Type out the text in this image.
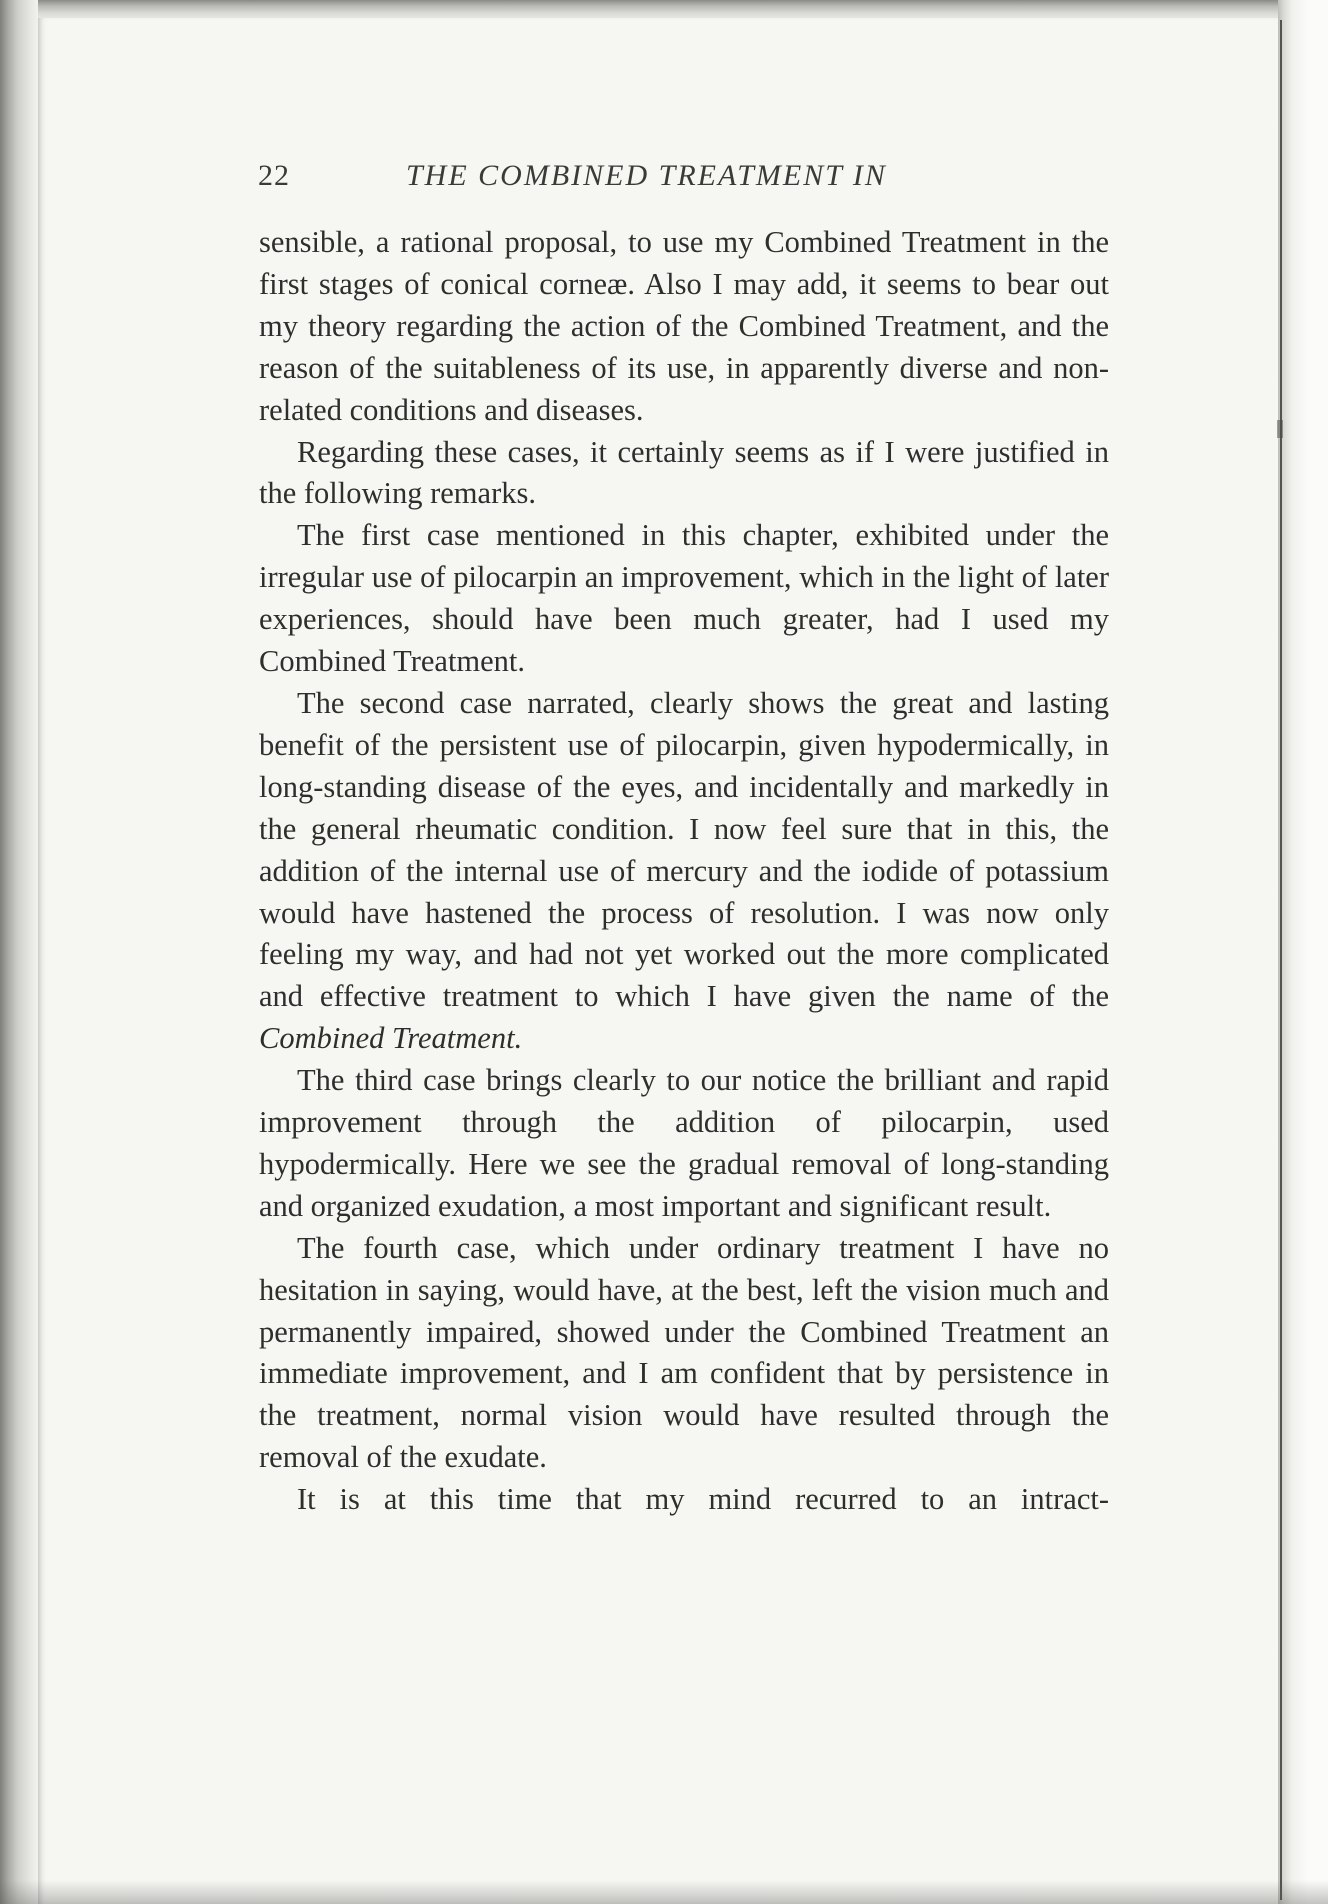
22	THE COMBINED TREATMENT IN

sensible, a rational proposal, to use my Combined Treatment in the first stages of conical corneæ. Also I may add, it seems to bear out my theory regarding the action of the Combined Treatment, and the reason of the suitableness of its use, in apparently diverse and non-related conditions and diseases.

Regarding these cases, it certainly seems as if I were justified in the following remarks.

The first case mentioned in this chapter, exhibited under the irregular use of pilocarpin an improvement, which in the light of later experiences, should have been much greater, had I used my Combined Treatment.

The second case narrated, clearly shows the great and lasting benefit of the persistent use of pilocarpin, given hypodermically, in long-standing disease of the eyes, and incidentally and markedly in the general rheumatic condition. I now feel sure that in this, the addition of the internal use of mercury and the iodide of potassium would have hastened the process of resolution. I was now only feeling my way, and had not yet worked out the more complicated and effective treatment to which I have given the name of the Combined Treatment.

The third case brings clearly to our notice the brilliant and rapid improvement through the addition of pilocarpin, used hypodermically. Here we see the gradual removal of long-standing and organized exudation, a most important and significant result.

The fourth case, which under ordinary treatment I have no hesitation in saying, would have, at the best, left the vision much and permanently impaired, showed under the Combined Treatment an immediate improvement, and I am confident that by persistence in the treatment, normal vision would have resulted through the removal of the exudate.

It is at this time that my mind recurred to an intract-
